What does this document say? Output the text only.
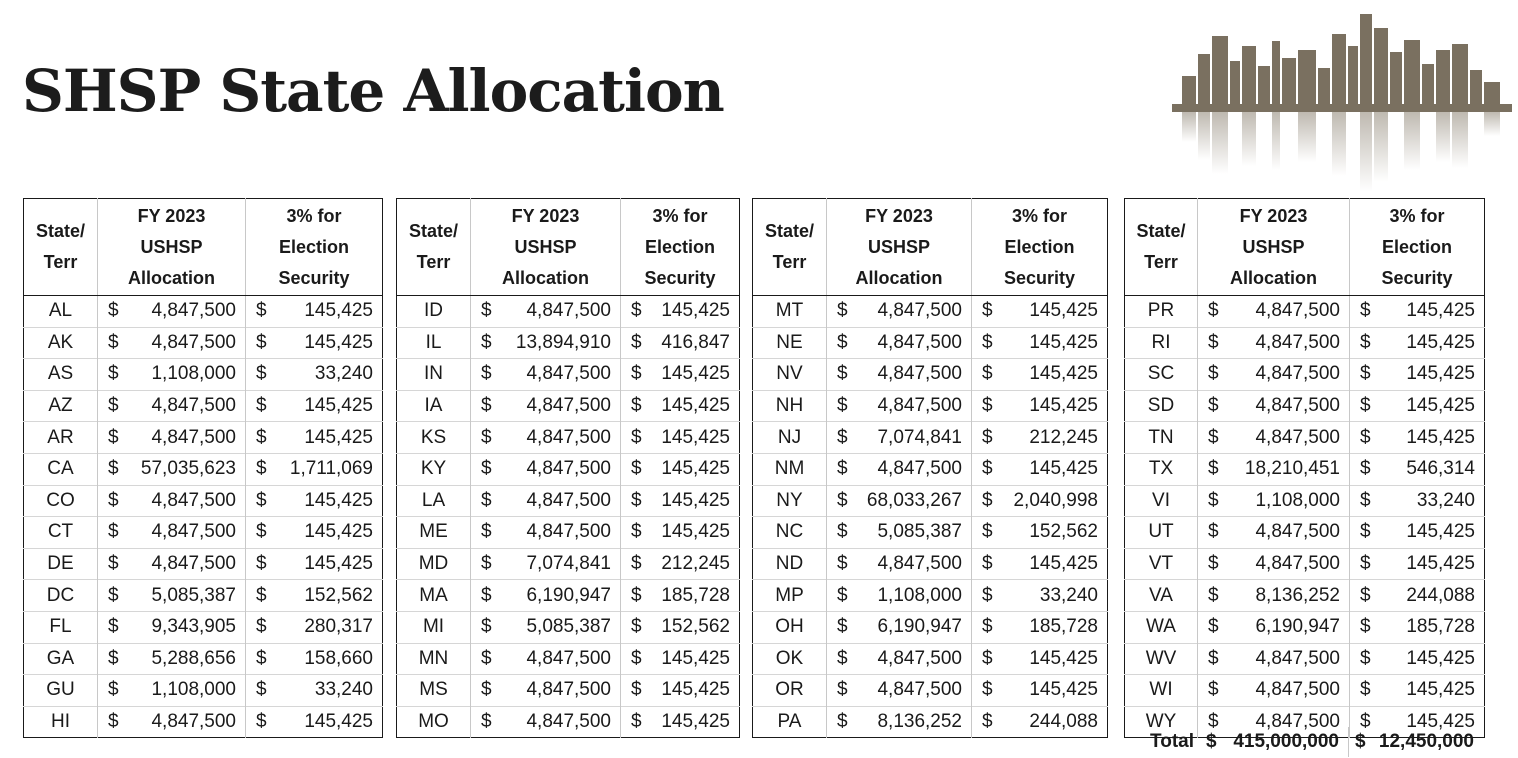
SHSP State Allocation
State/
Terr	FY 2023
USHSP
Allocation	3% for
Election
Security
AL	$ 4,847,500	$ 145,425

AK	$ 4,847,500	$ 145,425

AS	$ 1,108,000	$ 33,240

AZ	$ 4,847,500	$ 145,425

AR	$ 4,847,500	$ 145,425

CA	$ 57,035,623	$ 1,711,069

CO	$ 4,847,500	$ 145,425

CT	$ 4,847,500	$ 145,425

DE	$ 4,847,500	$ 145,425

DC	$ 5,085,387	$ 152,562

FL	$ 9,343,905	$ 280,317

GA	$ 5,288,656	$ 158,660

GU	$ 1,108,000	$ 33,240

HI	$ 4,847,500	$ 145,425
State/
Terr	FY 2023
USHSP
Allocation	3% for
Election
Security
ID	$ 4,847,500	$ 145,425

IL	$ 13,894,910	$ 416,847

IN	$ 4,847,500	$ 145,425

IA	$ 4,847,500	$ 145,425

KS	$ 4,847,500	$ 145,425

KY	$ 4,847,500	$ 145,425

LA	$ 4,847,500	$ 145,425

ME	$ 4,847,500	$ 145,425

MD	$ 7,074,841	$ 212,245

MA	$ 6,190,947	$ 185,728

MI	$ 5,085,387	$ 152,562

MN	$ 4,847,500	$ 145,425

MS	$ 4,847,500	$ 145,425

MO	$ 4,847,500	$ 145,425
State/
Terr	FY 2023
USHSP
Allocation	3% for
Election
Security
MT	$ 4,847,500	$ 145,425

NE	$ 4,847,500	$ 145,425

NV	$ 4,847,500	$ 145,425

NH	$ 4,847,500	$ 145,425

NJ	$ 7,074,841	$ 212,245

NM	$ 4,847,500	$ 145,425

NY	$ 68,033,267	$ 2,040,998

NC	$ 5,085,387	$ 152,562

ND	$ 4,847,500	$ 145,425

MP	$ 1,108,000	$ 33,240

OH	$ 6,190,947	$ 185,728

OK	$ 4,847,500	$ 145,425

OR	$ 4,847,500	$ 145,425

PA	$ 8,136,252	$ 244,088
State/
Terr	FY 2023
USHSP
Allocation	3% for
Election
Security
PR	$ 4,847,500	$ 145,425

RI	$ 4,847,500	$ 145,425

SC	$ 4,847,500	$ 145,425

SD	$ 4,847,500	$ 145,425

TN	$ 4,847,500	$ 145,425

TX	$ 18,210,451	$ 546,314

VI	$ 1,108,000	$ 33,240

UT	$ 4,847,500	$ 145,425

VT	$ 4,847,500	$ 145,425

VA	$ 8,136,252	$ 244,088

WA	$ 6,190,947	$ 185,728

WV	$ 4,847,500	$ 145,425

WI	$ 4,847,500	$ 145,425

WY	$ 4,847,500	$ 145,425
Total $ 415,000,000 $ 12,450,000
